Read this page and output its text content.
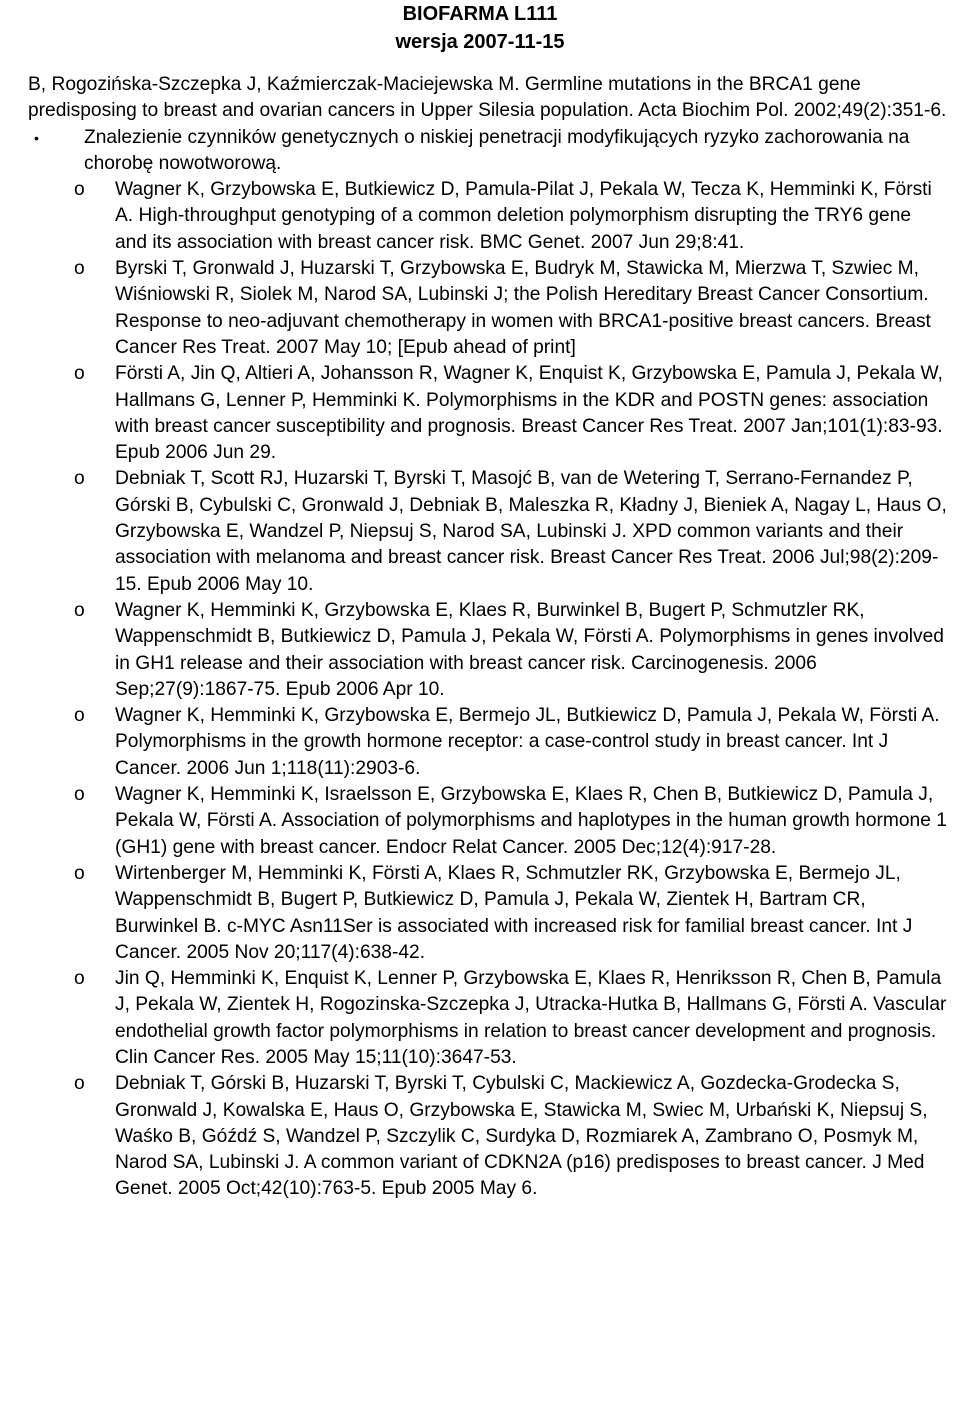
BIOFARMA L111
wersja 2007-11-15

B, Rogozińska-Szczepka J, Kaźmierczak-Maciejewska M. Germline mutations in the BRCA1 gene predisposing to breast and ovarian cancers in Upper Silesia population. Acta Biochim Pol. 2002;49(2):351-6.

• Znalezienie czynników genetycznych o niskiej penetracji modyfikujących ryzyko zachorowania na chorobę nowotworową.
o Wagner K, Grzybowska E, Butkiewicz D, Pamula-Pilat J, Pekala W, Tecza K, Hemminki K, Försti A. High-throughput genotyping of a common deletion polymorphism disrupting the TRY6 gene and its association with breast cancer risk. BMC Genet. 2007 Jun 29;8:41.
o Byrski T, Gronwald J, Huzarski T, Grzybowska E, Budryk M, Stawicka M, Mierzwa T, Szwiec M, Wiśniowski R, Siolek M, Narod SA, Lubinski J; the Polish Hereditary Breast Cancer Consortium. Response to neo-adjuvant chemotherapy in women with BRCA1-positive breast cancers. Breast Cancer Res Treat. 2007 May 10; [Epub ahead of print]
o Försti A, Jin Q, Altieri A, Johansson R, Wagner K, Enquist K, Grzybowska E, Pamula J, Pekala W, Hallmans G, Lenner P, Hemminki K. Polymorphisms in the KDR and POSTN genes: association with breast cancer susceptibility and prognosis. Breast Cancer Res Treat. 2007 Jan;101(1):83-93. Epub 2006 Jun 29.
o Debniak T, Scott RJ, Huzarski T, Byrski T, Masojć B, van de Wetering T, Serrano-Fernandez P, Górski B, Cybulski C, Gronwald J, Debniak B, Maleszka R, Kładny J, Bieniek A, Nagay L, Haus O, Grzybowska E, Wandzel P, Niepsuj S, Narod SA, Lubinski J. XPD common variants and their association with melanoma and breast cancer risk. Breast Cancer Res Treat. 2006 Jul;98(2):209-15. Epub 2006 May 10.
o Wagner K, Hemminki K, Grzybowska E, Klaes R, Burwinkel B, Bugert P, Schmutzler RK, Wappenschmidt B, Butkiewicz D, Pamula J, Pekala W, Försti A. Polymorphisms in genes involved in GH1 release and their association with breast cancer risk. Carcinogenesis. 2006 Sep;27(9):1867-75. Epub 2006 Apr 10.
o Wagner K, Hemminki K, Grzybowska E, Bermejo JL, Butkiewicz D, Pamula J, Pekala W, Försti A. Polymorphisms in the growth hormone receptor: a case-control study in breast cancer. Int J Cancer. 2006 Jun 1;118(11):2903-6.
o Wagner K, Hemminki K, Israelsson E, Grzybowska E, Klaes R, Chen B, Butkiewicz D, Pamula J, Pekala W, Försti A. Association of polymorphisms and haplotypes in the human growth hormone 1 (GH1) gene with breast cancer. Endocr Relat Cancer. 2005 Dec;12(4):917-28.
o Wirtenberger M, Hemminki K, Försti A, Klaes R, Schmutzler RK, Grzybowska E, Bermejo JL, Wappenschmidt B, Bugert P, Butkiewicz D, Pamula J, Pekala W, Zientek H, Bartram CR, Burwinkel B. c-MYC Asn11Ser is associated with increased risk for familial breast cancer. Int J Cancer. 2005 Nov 20;117(4):638-42.
o Jin Q, Hemminki K, Enquist K, Lenner P, Grzybowska E, Klaes R, Henriksson R, Chen B, Pamula J, Pekala W, Zientek H, Rogozinska-Szczepka J, Utracka-Hutka B, Hallmans G, Försti A. Vascular endothelial growth factor polymorphisms in relation to breast cancer development and prognosis. Clin Cancer Res. 2005 May 15;11(10):3647-53.
o Debniak T, Górski B, Huzarski T, Byrski T, Cybulski C, Mackiewicz A, Gozdecka-Grodecka S, Gronwald J, Kowalska E, Haus O, Grzybowska E, Stawicka M, Swiec M, Urbański K, Niepsuj S, Waśko B, Góźdź S, Wandzel P, Szczylik C, Surdyka D, Rozmiarek A, Zambrano O, Posmyk M, Narod SA, Lubinski J. A common variant of CDKN2A (p16) predisposes to breast cancer. J Med Genet. 2005 Oct;42(10):763-5. Epub 2005 May 6.
